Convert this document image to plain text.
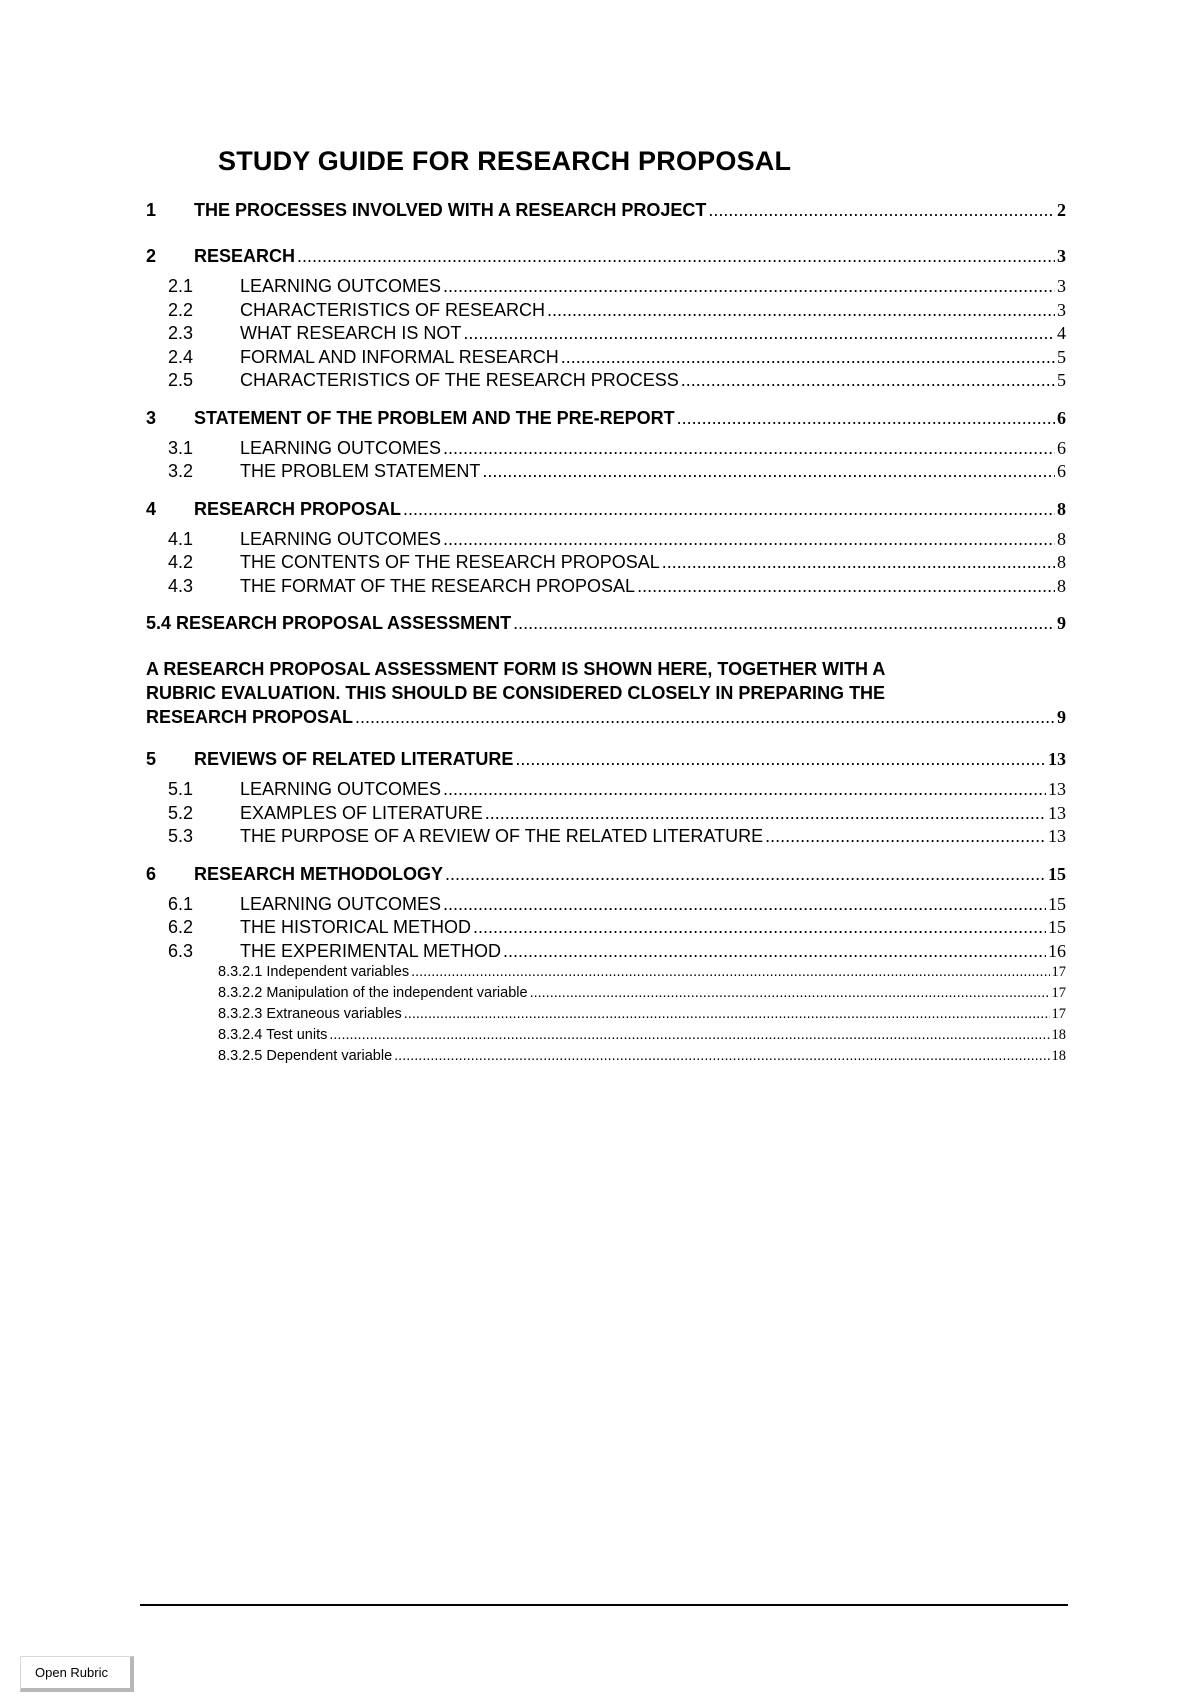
STUDY GUIDE FOR RESEARCH PROPOSAL
1	THE PROCESSES INVOLVED WITH A RESEARCH PROJECT .....	2
2	RESEARCH .....	3
2.1	LEARNING OUTCOMES .....	3
2.2	CHARACTERISTICS OF RESEARCH .....	3
2.3	WHAT RESEARCH IS NOT .....	4
2.4	FORMAL AND INFORMAL RESEARCH .....	5
2.5	CHARACTERISTICS OF THE RESEARCH PROCESS .....	5
3	STATEMENT OF THE PROBLEM AND THE PRE-REPORT .....	6
3.1	LEARNING OUTCOMES .....	6
3.2	THE PROBLEM STATEMENT .....	6
4	RESEARCH PROPOSAL .....	8
4.1	LEARNING OUTCOMES .....	8
4.2	THE CONTENTS OF THE RESEARCH PROPOSAL .....	8
4.3	THE FORMAT OF THE RESEARCH PROPOSAL .....	8
5.4 RESEARCH PROPOSAL ASSESSMENT .....	9
A RESEARCH PROPOSAL ASSESSMENT FORM IS SHOWN HERE, TOGETHER WITH A
RUBRIC EVALUATION. THIS SHOULD BE CONSIDERED CLOSELY IN PREPARING THE
RESEARCH PROPOSAL .....	9
5	REVIEWS OF RELATED LITERATURE .....	13
5.1	LEARNING OUTCOMES .....	13
5.2	EXAMPLES OF LITERATURE .....	13
5.3	THE PURPOSE OF A REVIEW OF THE RELATED LITERATURE .....	13
6	RESEARCH METHODOLOGY .....	15
6.1	LEARNING OUTCOMES .....	15
6.2	THE HISTORICAL METHOD .....	15
6.3	THE EXPERIMENTAL METHOD .....	16
8.3.2.1 Independent variables .....	17
8.3.2.2 Manipulation of the independent variable .....	17
8.3.2.3 Extraneous variables .....	17
8.3.2.4 Test units .....	18
8.3.2.5 Dependent variable .....	18
Open Rubric
